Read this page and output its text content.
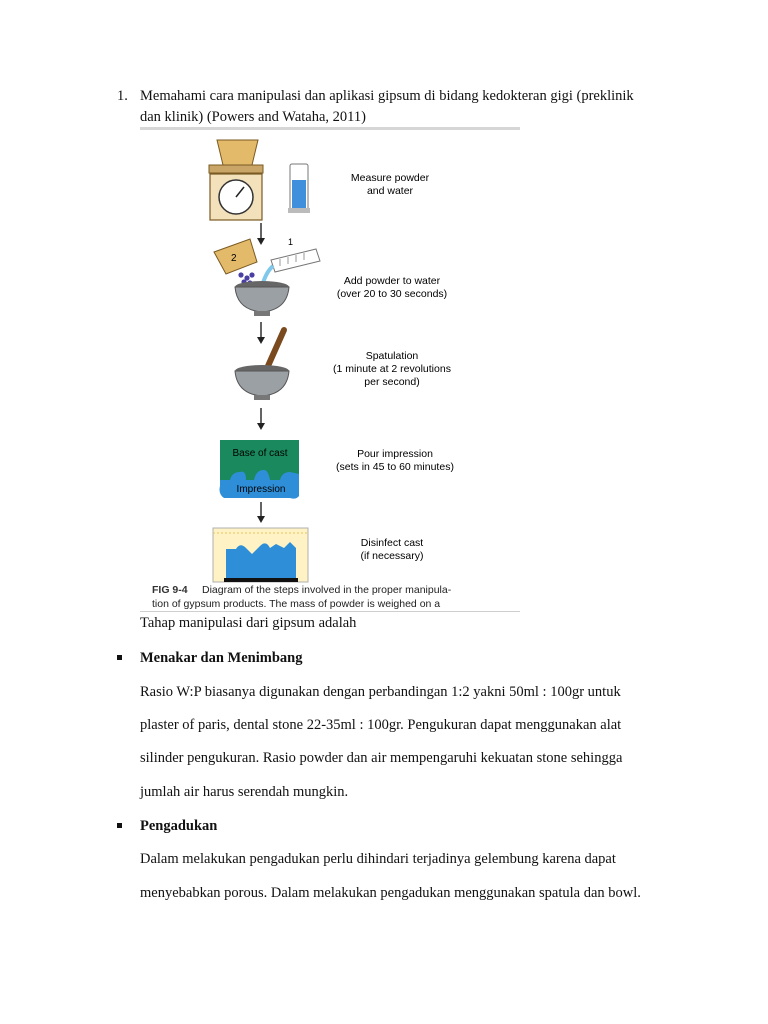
1. Memahami cara manipulasi dan aplikasi gipsum di bidang kedokteran gigi (preklinik
dan klinik) (Powers and Wataha, 2011)
Measure powder
and water
2
1
Add powder to water
(over 20 to 30 seconds)
Spatulation
(1 minute at 2 revolutions
per second)
Base of cast
Impression
Pour impression
(sets in 45 to 60 minutes)
Disinfect cast
(if necessary)
FIG 9-4 Diagram of the steps involved in the proper manipula-
tion of gypsum products. The mass of powder is weighed on a
Tahap manipulasi dari gipsum adalah
Menakar dan Menimbang
Rasio W:P biasanya digunakan dengan perbandingan 1:2 yakni 50ml : 100gr untuk
plaster of paris, dental stone 22-35ml : 100gr. Pengukuran dapat menggunakan alat
silinder pengukuran. Rasio powder dan air mempengaruhi kekuatan stone sehingga
jumlah air harus serendah mungkin.
Pengadukan
Dalam melakukan pengadukan perlu dihindari terjadinya gelembung karena dapat
menyebabkan porous. Dalam melakukan pengadukan menggunakan spatula dan bowl.
